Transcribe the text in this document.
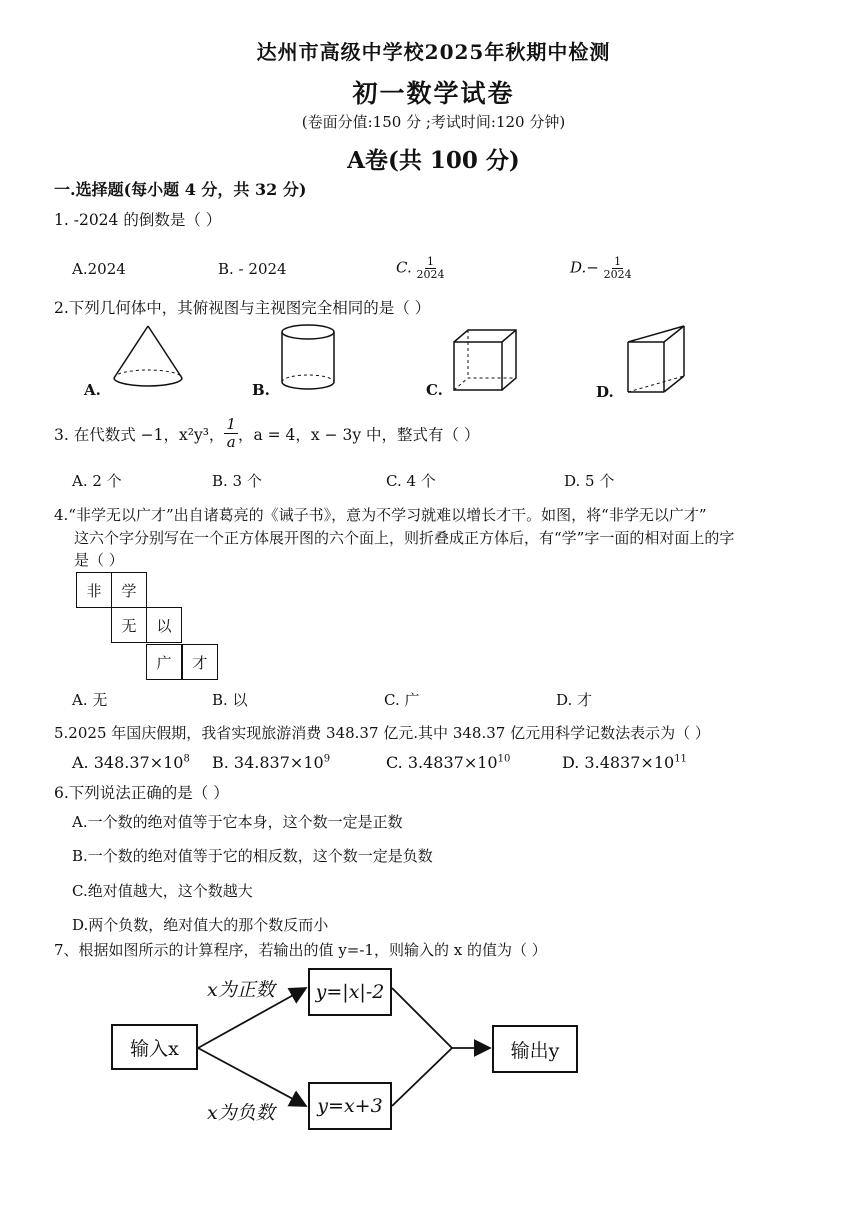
达州市高级中学校2025年秋期中检测
初一数学试卷
(卷面分值:150 分 ;考试时间:120 分钟)
A卷(共 100 分)
一.选择题(每小题 4 分，共 32 分)
1. -2024 的倒数是（ ）
A.2024	B. - 2024	C. $\frac{1}{2024}$	$D.- \frac{1}{2024}$
2.下列几何体中，其俯视图与主视图完全相同的是（ ）
A.	B.	C.	D.
3. 在代数式 −1，x²y³， $\frac{1}{a}$ ，a = 4，x − 3y 中，整式有（ ）
A. 2 个	B. 3 个	C. 4 个	D. 5 个
4.“非学无以广才”出自诸葛亮的《诫子书》，意为不学习就难以增长才干。如图，将“非学无以广才”
这六个字分别写在一个正方体展开图的六个面上，则折叠成正方体后，有“学”字一面的相对面上的字
是（ ）
非	学
无	以
广	才
A. 无	B. 以	C. 广	D. 才
5.2025 年国庆假期，我省实现旅游消费 348.37 亿元.其中 348.37 亿元用科学记数法表示为（ ）
A. $348.37\times 10^8$ B. $34.837\times 10^9$	C. $3.4837\times 10^{10}$	D. $3.4837\times 10^{11}$
6.下列说法正确的是（ ）
A.一个数的绝对值等于它本身，这个数一定是正数
B.一个数的绝对值等于它的相反数，这个数一定是负数
C.绝对值越大，这个数越大
D.两个负数，绝对值大的那个数反而小
7、根据如图所示的计算程序，若输出的值 y=-1，则输入的 x 的值为（ ）
输入x
x为正数
x为负数
y=|x|-2
y=x+3
输出y
